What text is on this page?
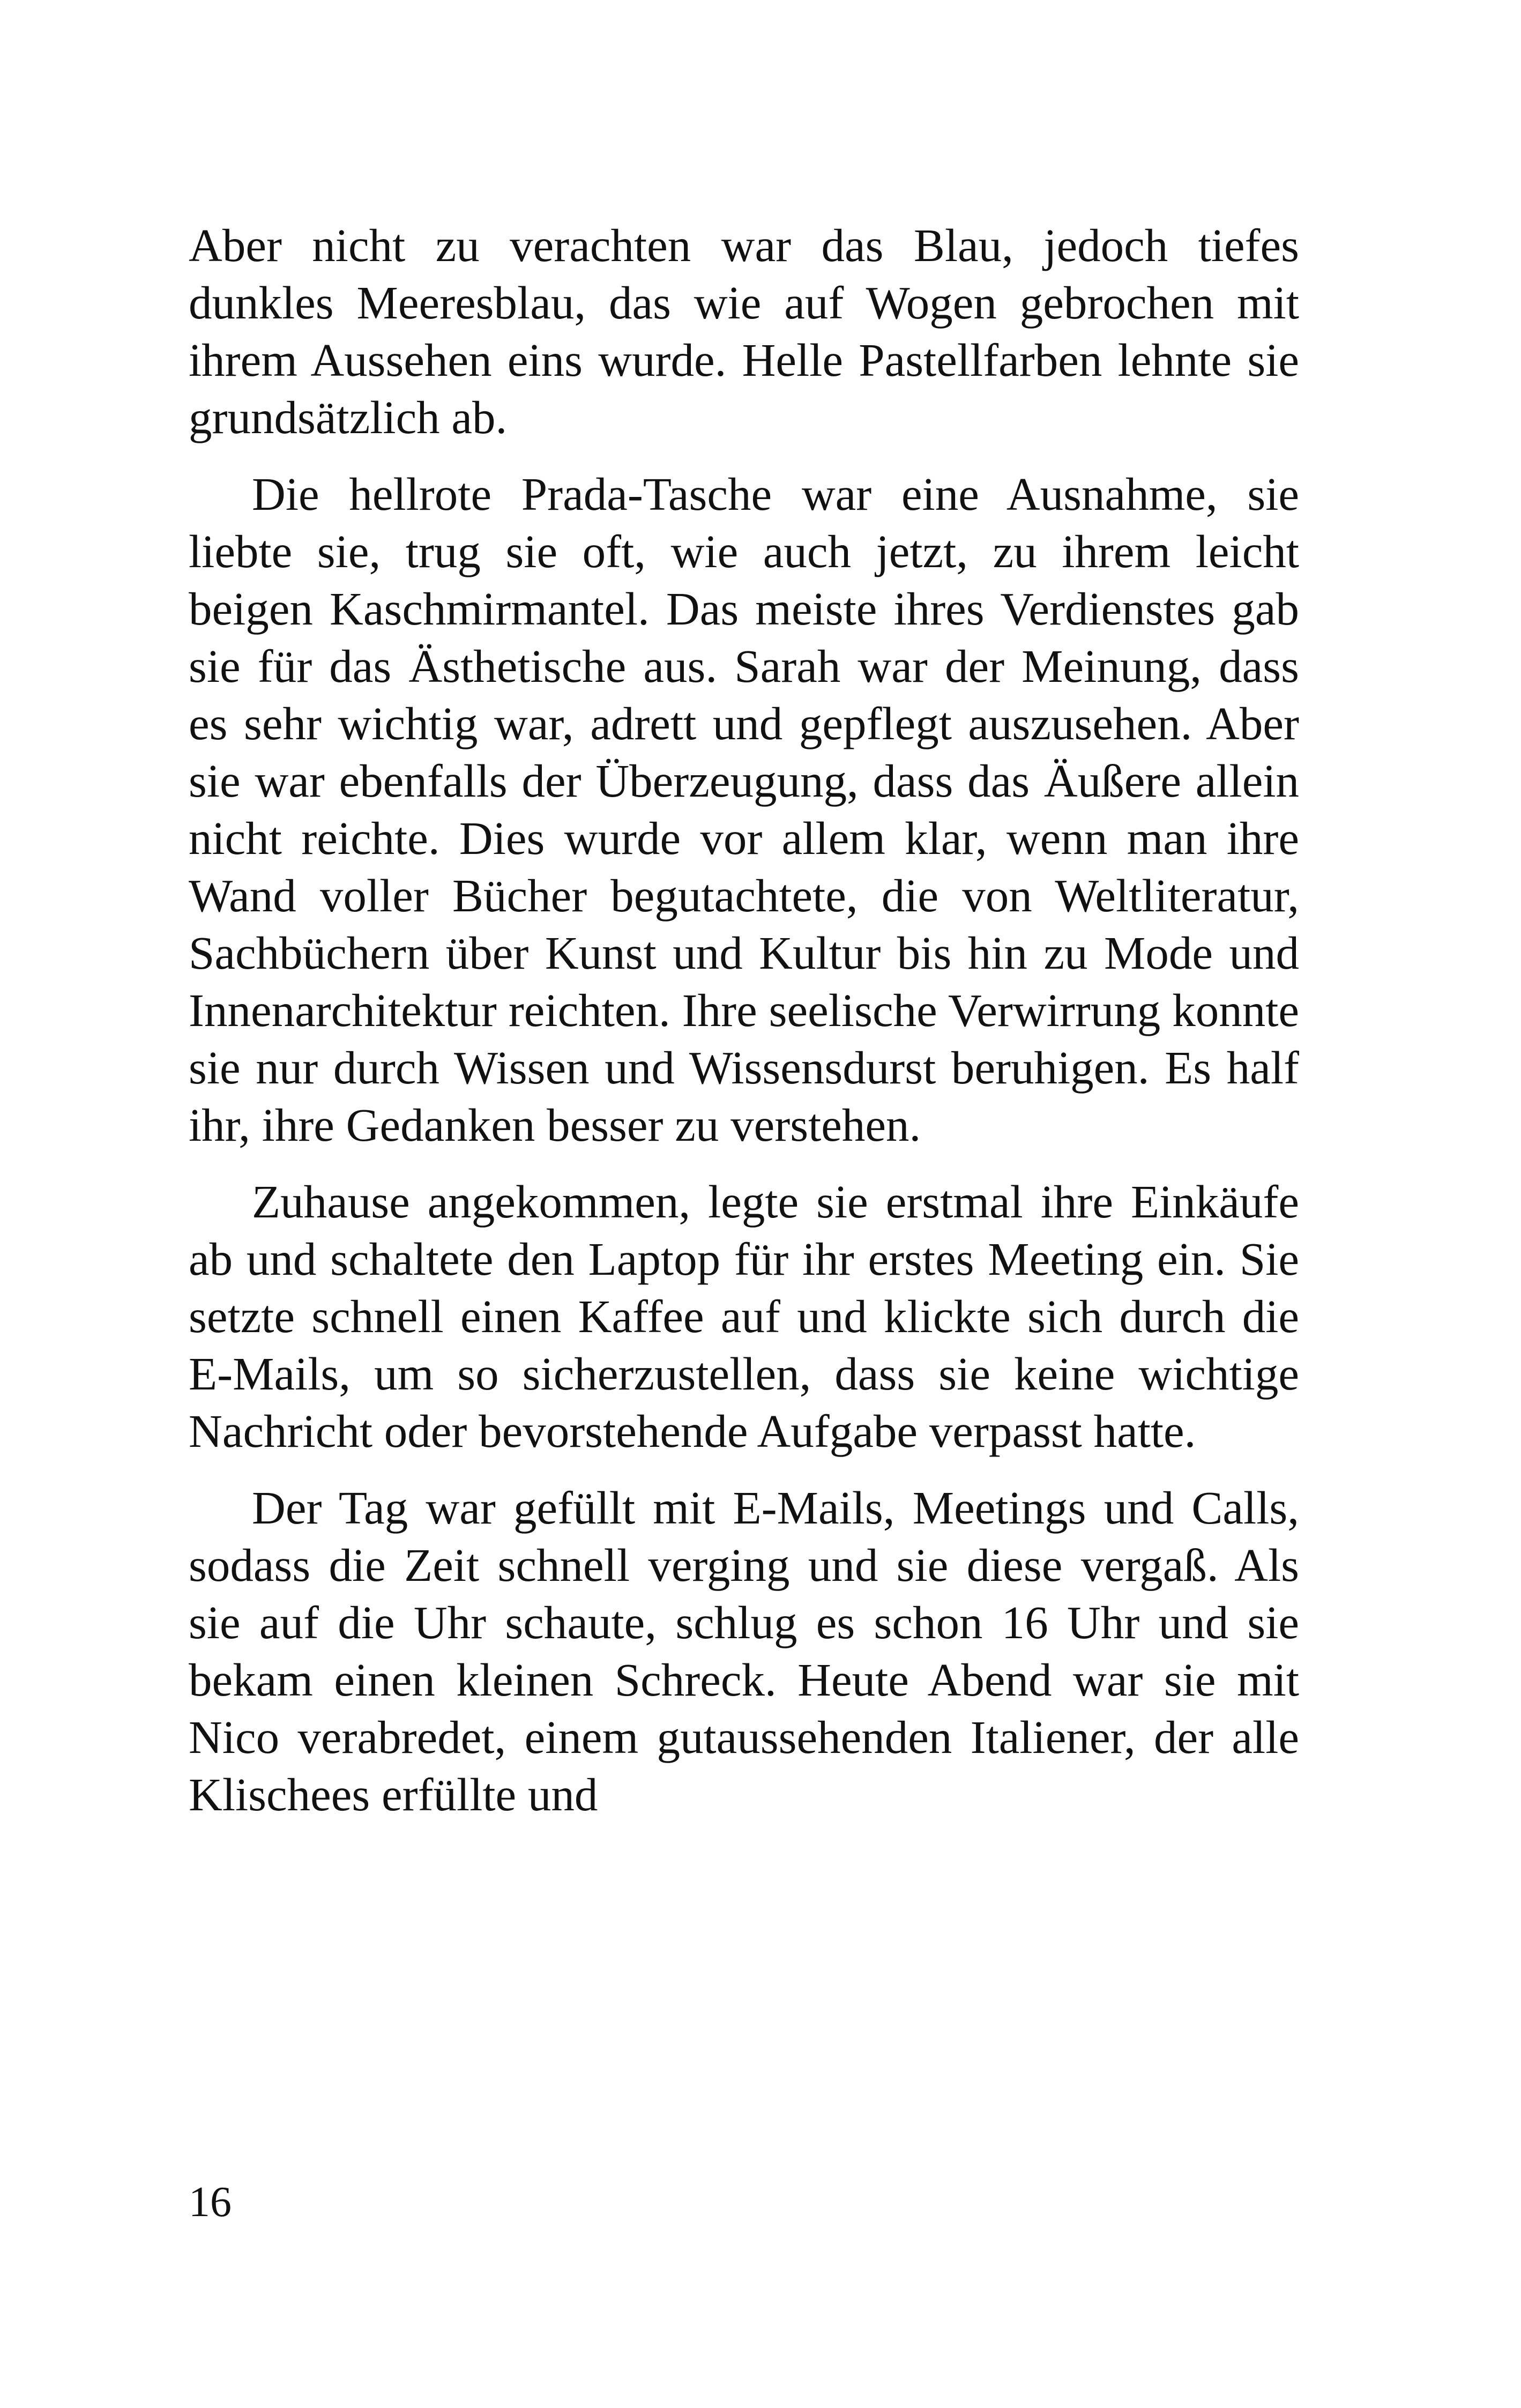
Aber nicht zu verachten war das Blau, jedoch tiefes dunkles Meeresblau, das wie auf Wogen gebrochen mit ihrem Aussehen eins wurde. Helle Pastellfarben lehnte sie grundsätzlich ab.

Die hellrote Prada-Tasche war eine Ausnahme, sie liebte sie, trug sie oft, wie auch jetzt, zu ihrem leicht beigen Kaschmirmantel. Das meiste ihres Verdienstes gab sie für das Ästhetische aus. Sarah war der Meinung, dass es sehr wichtig war, adrett und gepflegt auszusehen. Aber sie war ebenfalls der Überzeugung, dass das Äußere allein nicht reichte. Dies wurde vor allem klar, wenn man ihre Wand voller Bücher begutachtete, die von Weltliteratur, Sachbüchern über Kunst und Kultur bis hin zu Mode und Innenarchitektur reichten. Ihre seelische Verwirrung konnte sie nur durch Wissen und Wissensdurst beruhigen. Es half ihr, ihre Gedanken besser zu verstehen.

Zuhause angekommen, legte sie erstmal ihre Einkäufe ab und schaltete den Laptop für ihr erstes Meeting ein. Sie setzte schnell einen Kaffee auf und klickte sich durch die E-Mails, um so sicherzustellen, dass sie keine wichtige Nachricht oder bevorstehende Aufgabe verpasst hatte.

Der Tag war gefüllt mit E-Mails, Meetings und Calls, sodass die Zeit schnell verging und sie diese vergaß. Als sie auf die Uhr schaute, schlug es schon 16 Uhr und sie bekam einen kleinen Schreck. Heute Abend war sie mit Nico verabredet, einem gutaussehenden Italiener, der alle Klischees erfüllte und

16
